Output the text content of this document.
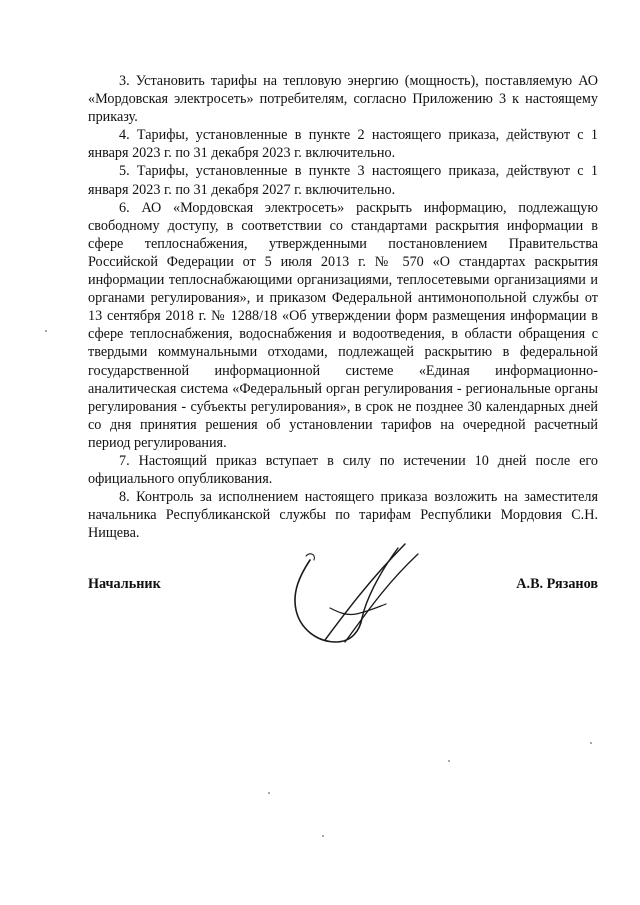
3. Установить тарифы на тепловую энергию (мощность), поставляемую АО «Мордовская электросеть» потребителям, согласно Приложению 3 к настоящему приказу.

4. Тарифы, установленные в пункте 2 настоящего приказа, действуют с 1 января 2023 г. по 31 декабря 2023 г. включительно.

5. Тарифы, установленные в пункте 3 настоящего приказа, действуют с 1 января 2023 г. по 31 декабря 2027 г. включительно.

6. АО «Мордовская электросеть» раскрыть информацию, подлежащую свободному доступу, в соответствии со стандартами раскрытия информации в сфере теплоснабжения, утвержденными постановлением Правительства Российской Федерации от 5 июля 2013 г. № 570 «О стандартах раскрытия информации теплоснабжающими организациями, теплосетевыми организациями и органами регулирования», и приказом Федеральной антимонопольной службы от 13 сентября 2018 г. № 1288/18 «Об утверждении форм размещения информации в сфере теплоснабжения, водоснабжения и водоотведения, в области обращения с твердыми коммунальными отходами, подлежащей раскрытию в федеральной государственной информационной системе «Единая информационно-аналитическая система «Федеральный орган регулирования - региональные органы регулирования - субъекты регулирования», в срок не позднее 30 календарных дней со дня принятия решения об установлении тарифов на очередной расчетный период регулирования.

7. Настоящий приказ вступает в силу по истечении 10 дней после его официального опубликования.

8. Контроль за исполнением настоящего приказа возложить на заместителя начальника Республиканской службы по тарифам Республики Мордовия С.Н. Нищева.

Начальник	А.В. Рязанов
